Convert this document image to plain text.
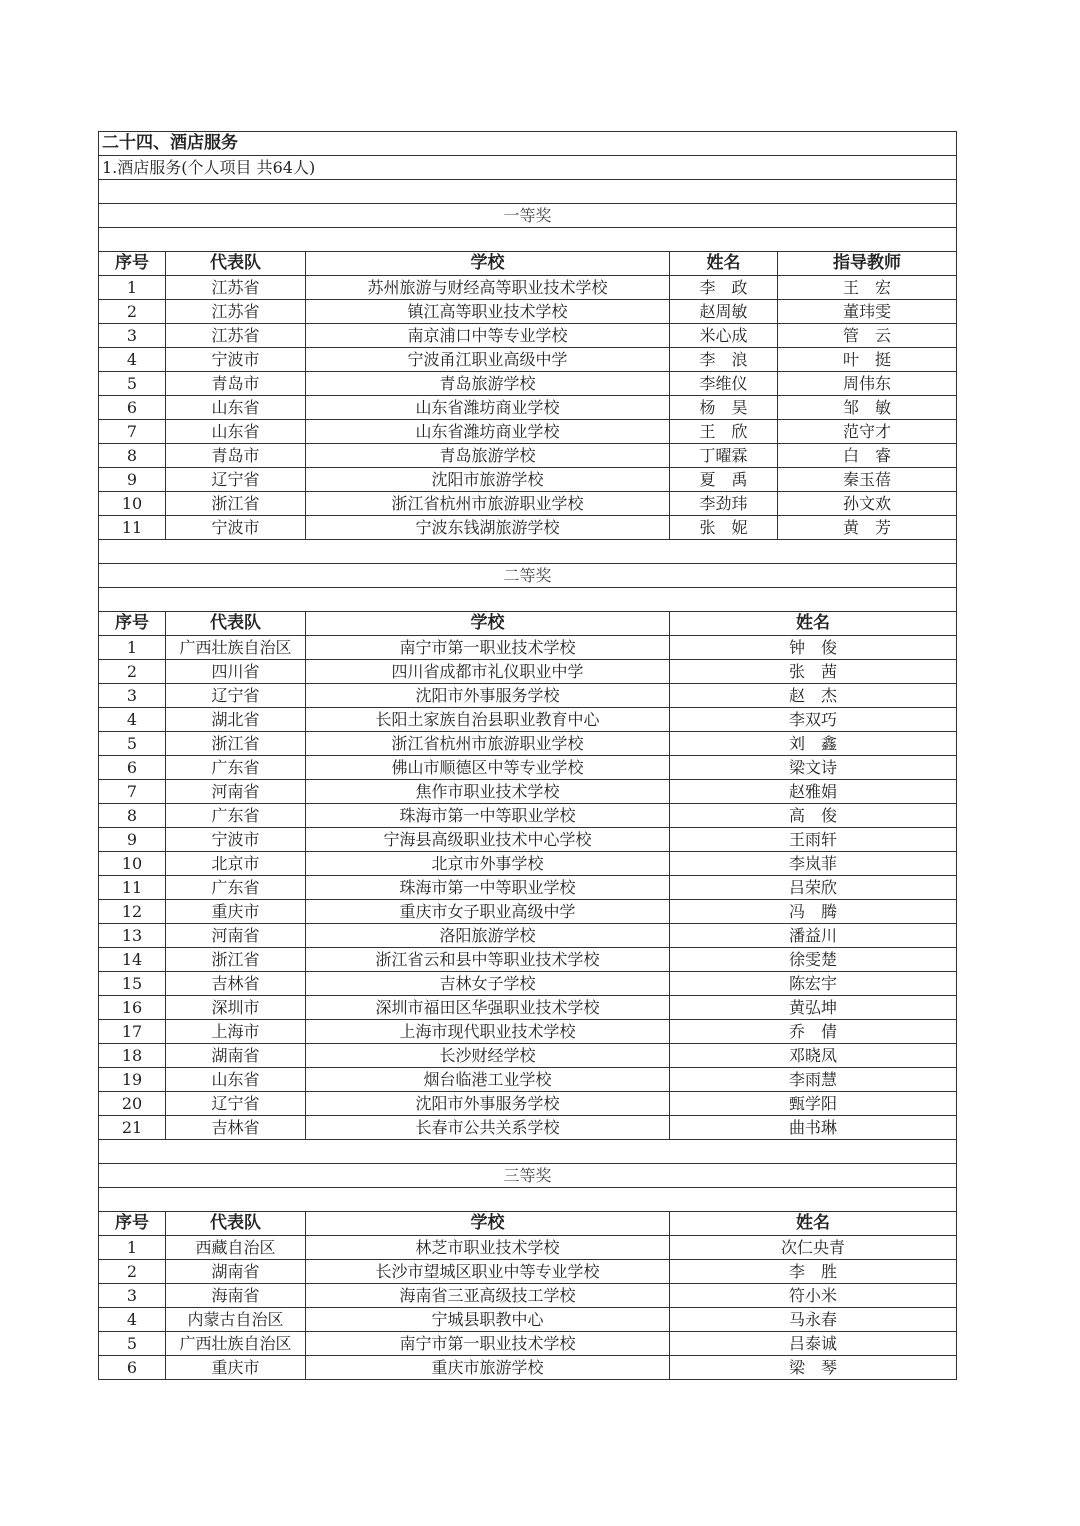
二十四、酒店服务				
1.酒店服务(个人项目 共64人)				

一等奖				

序号	代表队	学校	姓名	指导教师
1	江苏省	苏州旅游与财经高等职业技术学校	李　政	王　宏
2	江苏省	镇江高等职业技术学校	赵周敏	董玮雯
3	江苏省	南京浦口中等专业学校	米心成	管　云
4	宁波市	宁波甬江职业高级中学	李　浪	叶　挺
5	青岛市	青岛旅游学校	李维仪	周伟东
6	山东省	山东省潍坊商业学校	杨　昊	邹　敏
7	山东省	山东省潍坊商业学校	王　欣	范守才
8	青岛市	青岛旅游学校	丁曜霖	白　睿
9	辽宁省	沈阳市旅游学校	夏　禹	秦玉蓓
10	浙江省	浙江省杭州市旅游职业学校	李劲玮	孙文欢
11	宁波市	宁波东钱湖旅游学校	张　妮	黄　芳

二等奖				

序号	代表队	学校	姓名	
1	广西壮族自治区	南宁市第一职业技术学校	钟　俊	
2	四川省	四川省成都市礼仪职业中学	张　茜	
3	辽宁省	沈阳市外事服务学校	赵　杰	
4	湖北省	长阳土家族自治县职业教育中心	李双巧	
5	浙江省	浙江省杭州市旅游职业学校	刘　鑫	
6	广东省	佛山市顺德区中等专业学校	梁文诗	
7	河南省	焦作市职业技术学校	赵雅娟	
8	广东省	珠海市第一中等职业学校	高　俊	
9	宁波市	宁海县高级职业技术中心学校	王雨轩	
10	北京市	北京市外事学校	李岚菲	
11	广东省	珠海市第一中等职业学校	吕荣欣	
12	重庆市	重庆市女子职业高级中学	冯　腾	
13	河南省	洛阳旅游学校	潘益川	
14	浙江省	浙江省云和县中等职业技术学校	徐雯楚	
15	吉林省	吉林女子学校	陈宏宇	
16	深圳市	深圳市福田区华强职业技术学校	黄弘坤	
17	上海市	上海市现代职业技术学校	乔　倩	
18	湖南省	长沙财经学校	邓晓凤	
19	山东省	烟台临港工业学校	李雨慧	
20	辽宁省	沈阳市外事服务学校	甄学阳	
21	吉林省	长春市公共关系学校	曲书琳	

三等奖				

序号	代表队	学校	姓名	
1	西藏自治区	林芝市职业技术学校	次仁央青	
2	湖南省	长沙市望城区职业中等专业学校	李　胜	
3	海南省	海南省三亚高级技工学校	符小米	
4	内蒙古自治区	宁城县职教中心	马永春	
5	广西壮族自治区	南宁市第一职业技术学校	吕泰诚	
6	重庆市	重庆市旅游学校	梁　琴	
